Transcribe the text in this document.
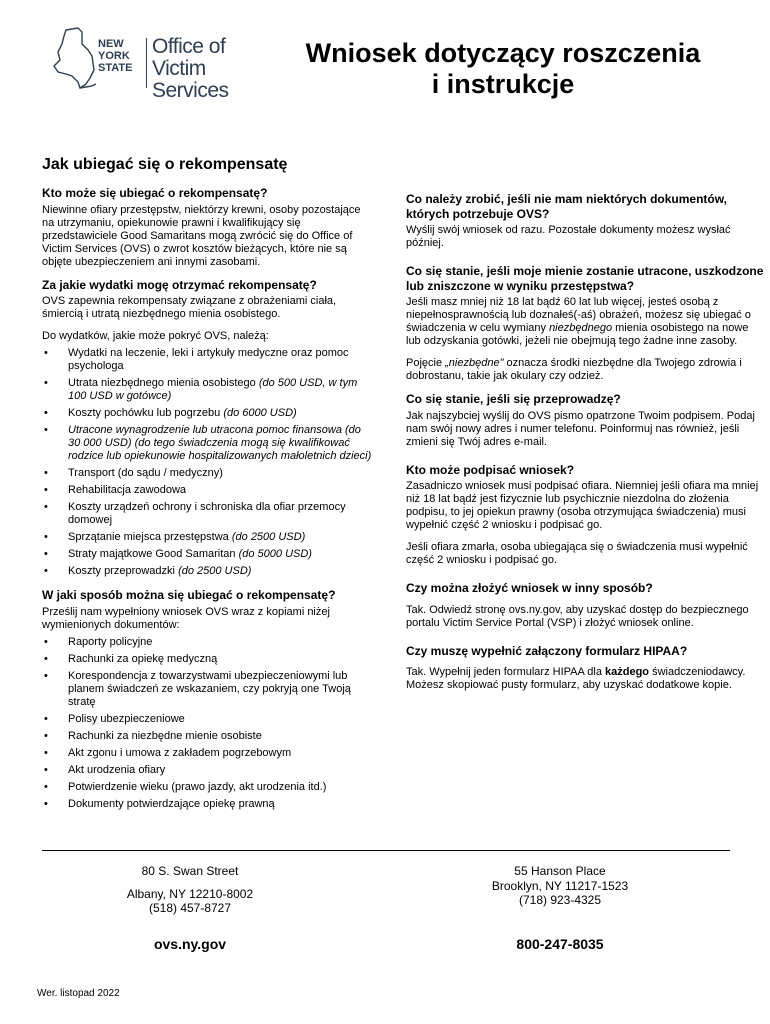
NEW
YORK
STATE
Office of
Victim Services
Wniosek dotyczący roszczenia
i instrukcje
Jak ubiegać się o rekompensatę
Kto może się ubiegać o rekompensatę?

Niewinne ofiary przestępstw, niektórzy krewni, osoby pozostające na utrzymaniu, opiekunowie prawni i kwalifikujący się przedstawiciele Good Samaritans mogą zwrócić się do Office of Victim Services (OVS) o zwrot kosztów bieżących, które nie są objęte ubezpieczeniem ani innymi zasobami.

Za jakie wydatki mogę otrzymać rekompensatę?

OVS zapewnia rekompensaty związane z obrażeniami ciała, śmiercią i utratą niezbędnego mienia osobistego.

Do wydatków, jakie może pokryć OVS, należą:

• Wydatki na leczenie, leki i artykuły medyczne oraz pomoc psychologa
• Utrata niezbędnego mienia osobistego (do 500 USD, w tym 100 USD w gotówce)
• Koszty pochówku lub pogrzebu (do 6000 USD)
• Utracone wynagrodzenie lub utracona pomoc finansowa (do 30 000 USD) (do tego świadczenia mogą się kwalifikować rodzice lub opiekunowie hospitalizowanych małoletnich dzieci)
• Transport (do sądu / medyczny)
• Rehabilitacja zawodowa
• Koszty urządzeń ochrony i schroniska dla ofiar przemocy domowej
• Sprzątanie miejsca przestępstwa (do 2500 USD)
• Straty majątkowe Good Samaritan (do 5000 USD)
• Koszty przeprowadzki (do 2500 USD)
W jaki sposób można się ubiegać o rekompensatę?

Prześlij nam wypełniony wniosek OVS wraz z kopiami niżej wymienionych dokumentów:

• Raporty policyjne
• Rachunki za opiekę medyczną
• Korespondencja z towarzystwami ubezpieczeniowymi lub planem świadczeń ze wskazaniem, czy pokryją one Twoją stratę
• Polisy ubezpieczeniowe
• Rachunki za niezbędne mienie osobiste
• Akt zgonu i umowa z zakładem pogrzebowym
• Akt urodzenia ofiary
• Potwierdzenie wieku (prawo jazdy, akt urodzenia itd.)
• Dokumenty potwierdzające opiekę prawną
Co należy zrobić, jeśli nie mam niektórych dokumentów, których potrzebuje OVS?

Wyślij swój wniosek od razu. Pozostałe dokumenty możesz wysłać później.

Co się stanie, jeśli moje mienie zostanie utracone, uszkodzone lub zniszczone w wyniku przestępstwa?

Jeśli masz mniej niż 18 lat bądź 60 lat lub więcej, jesteś osobą z niepełnosprawnością lub doznałeś(-aś) obrażeń, możesz się ubiegać o świadczenia w celu wymiany niezbędnego mienia osobistego na nowe lub odzyskania gotówki, jeżeli nie obejmują tego żadne inne zasoby.

Pojęcie „niezbędne" oznacza środki niezbędne dla Twojego zdrowia i dobrostanu, takie jak okulary czy odzież.

Co się stanie, jeśli się przeprowadzę?

Jak najszybciej wyślij do OVS pismo opatrzone Twoim podpisem. Podaj nam swój nowy adres i numer telefonu. Poinformuj nas również, jeśli zmieni się Twój adres e-mail.

Kto może podpisać wniosek?

Zasadniczo wniosek musi podpisać ofiara. Niemniej jeśli ofiara ma mniej niż 18 lat bądź jest fizycznie lub psychicznie niezdolna do złożenia podpisu, to jej opiekun prawny (osoba otrzymująca świadczenia) musi wypełnić część 2 wniosku i podpisać go.

Jeśli ofiara zmarła, osoba ubiegająca się o świadczenia musi wypełnić część 2 wniosku i podpisać go.

Czy można złożyć wniosek w inny sposób?

Tak. Odwiedź stronę ovs.ny.gov, aby uzyskać dostęp do bezpiecznego portalu Victim Service Portal (VSP) i złożyć wniosek online.

Czy muszę wypełnić załączony formularz HIPAA?

Tak. Wypełnij jeden formularz HIPAA dla każdego świadczeniodawcy. Możesz skopiować pusty formularz, aby uzyskać dodatkowe kopie.

80 S. Swan Street
Albany, NY 12210-8002
(518) 457-8727
55 Hanson Place
Brooklyn, NY 11217-1523
(718) 923-4325
ovs.ny.gov	800-247-8035
Wer. listopad 2022
